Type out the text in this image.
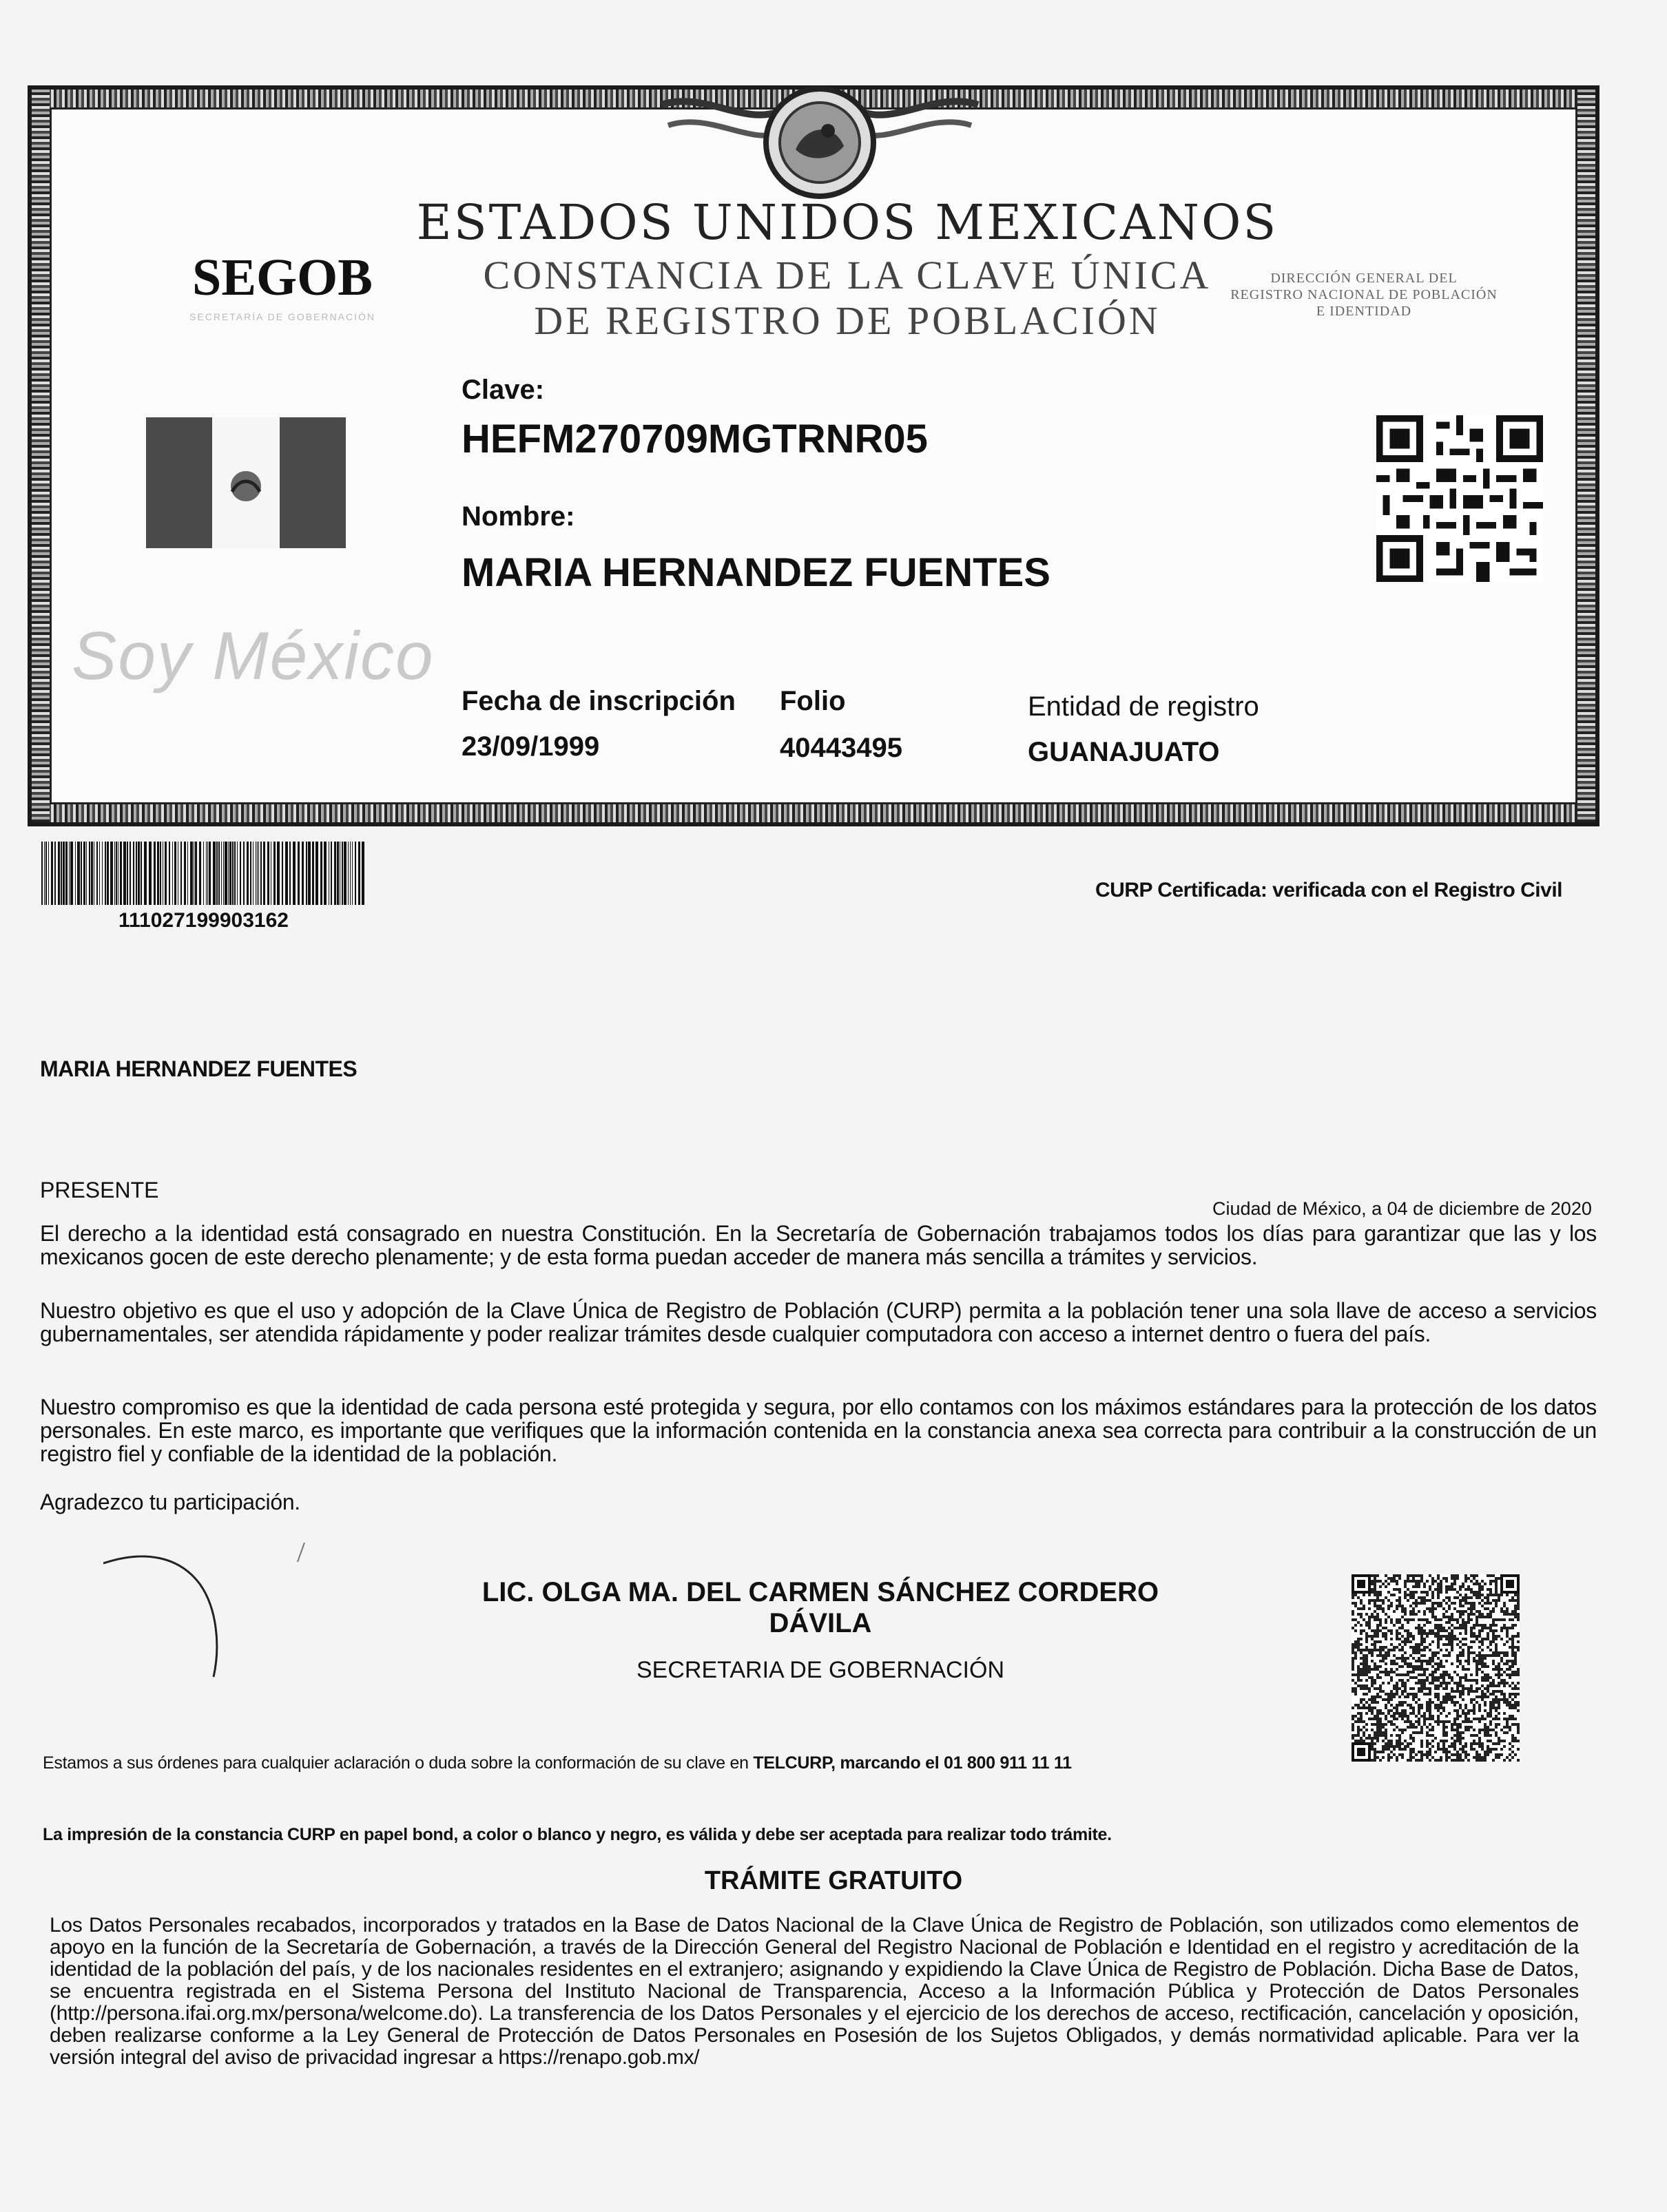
ESTADOS UNIDOS MEXICANOS
CONSTANCIA DE LA CLAVE ÚNICA
DE REGISTRO DE POBLACIÓN
SEGOB
SECRETARÍA DE GOBERNACIÓN
DIRECCIÓN GENERAL DEL
REGISTRO NACIONAL DE POBLACIÓN
E IDENTIDAD
Soy México
Clave:
HEFM270709MGTRNR05
Nombre:
MARIA HERNANDEZ FUENTES
Fecha de inscripción
23/09/1999
Folio
40443495
Entidad de registro
GUANAJUATO
111027199903162
CURP Certificada: verificada con el Registro Civil
MARIA HERNANDEZ FUENTES
PRESENTE
Ciudad de México, a 04 de diciembre de 2020
El derecho a la identidad está consagrado en nuestra Constitución. En la Secretaría de Gobernación trabajamos todos los días para garantizar que las y los mexicanos gocen de este derecho plenamente; y de esta forma puedan acceder de manera más sencilla a trámites y servicios.
Nuestro objetivo es que el uso y adopción de la Clave Única de Registro de Población (CURP) permita a la población tener una sola llave de acceso a servicios gubernamentales, ser atendida rápidamente y poder realizar trámites desde cualquier computadora con acceso a internet dentro o fuera del país.
Nuestro compromiso es que la identidad de cada persona esté protegida y segura, por ello contamos con los máximos estándares para la protección de los datos personales. En este marco, es importante que verifiques que la información contenida en la constancia anexa sea correcta para contribuir a la construcción de un registro fiel y confiable de la identidad de la población.
Agradezco tu participación.
LIC. OLGA MA. DEL CARMEN SÁNCHEZ CORDERO DÁVILA
SECRETARIA DE GOBERNACIÓN
Estamos a sus órdenes para cualquier aclaración o duda sobre la conformación de su clave en TELCURP, marcando el 01 800 911 11 11
La impresión de la constancia CURP en papel bond, a color o blanco y negro, es válida y debe ser aceptada para realizar todo trámite.
TRÁMITE GRATUITO
Los Datos Personales recabados, incorporados y tratados en la Base de Datos Nacional de la Clave Única de Registro de Población, son utilizados como elementos de apoyo en la función de la Secretaría de Gobernación, a través de la Dirección General del Registro Nacional de Población e Identidad en el registro y acreditación de la identidad de la población del país, y de los nacionales residentes en el extranjero; asignando y expidiendo la Clave Única de Registro de Población. Dicha Base de Datos, se encuentra registrada en el Sistema Persona del Instituto Nacional de Transparencia, Acceso a la Información Pública y Protección de Datos Personales (http://persona.ifai.org.mx/persona/welcome.do). La transferencia de los Datos Personales y el ejercicio de los derechos de acceso, rectificación, cancelación y oposición, deben realizarse conforme a la Ley General de Protección de Datos Personales en Posesión de los Sujetos Obligados, y demás normatividad aplicable. Para ver la versión integral del aviso de privacidad ingresar a https://renapo.gob.mx/
